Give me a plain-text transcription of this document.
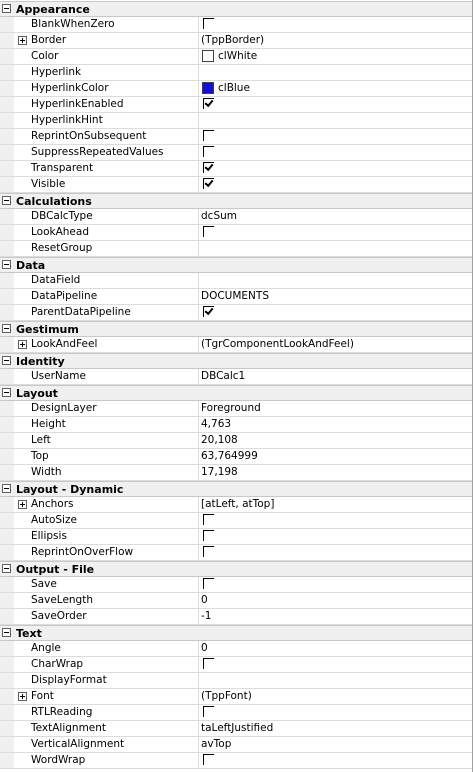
Appearance
BlankWhenZero
Border	(TppBorder)
Color	clWhite
Hyperlink
HyperlinkColor	clBlue
HyperlinkEnabled
HyperlinkHint
ReprintOnSubsequent
SuppressRepeatedValues
Transparent
Visible
Calculations
DBCalcType	dcSum
LookAhead
ResetGroup
Data
DataField
DataPipeline	DOCUMENTS
ParentDataPipeline
Gestimum
LookAndFeel	(TgrComponentLookAndFeel)
Identity
UserName	DBCalc1
Layout
DesignLayer	Foreground
Height	4,763
Left	20,108
Top	63,764999
Width	17,198
Layout - Dynamic
Anchors	[atLeft, atTop]
AutoSize
Ellipsis
ReprintOnOverFlow
Output - File
Save
SaveLength	0
SaveOrder	-1
Text
Angle	0
CharWrap
DisplayFormat
Font	(TppFont)
RTLReading
TextAlignment	taLeftJustified
VerticalAlignment	avTop
WordWrap
